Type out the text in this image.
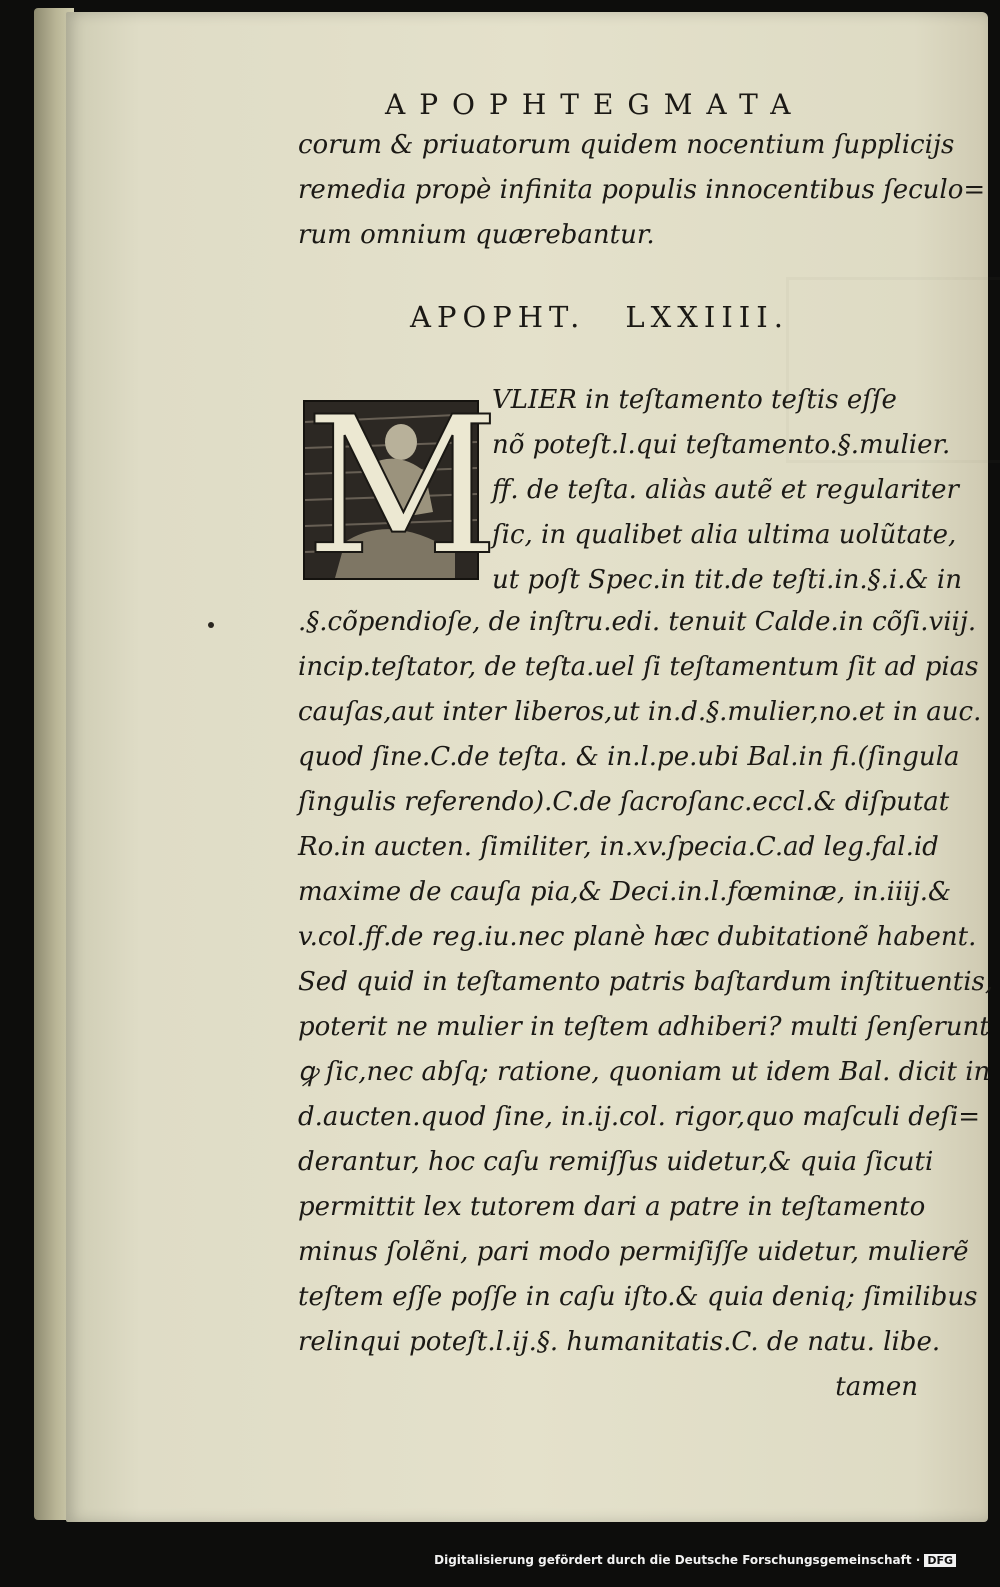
APOPHTEGMATA
corum & priuatorum quidem nocentium ſupplicijs
remedia propè infinita populis innocentibus ſeculo=
rum omnium quærebantur.
APOPHT. LXXIIII.
M
VLIER in teſtamento teſtis eſſe
nõ poteſt.l.qui teſtamento.§.mulier.
ff. de teſta. aliàs autẽ et regulariter
ſic, in qualibet alia ultima uolũtate,
ut poſt Spec.in tit.de teſti.in.§.i.& in
.§.cõpendioſe, de inſtru.edi. tenuit Calde.in cõſi.viij.
incip.teſtator, de teſta.uel ſi teſtamentum ſit ad pias
cauſas,aut inter liberos,ut in.d.§.mulier,no.et in auc.
quod ſine.C.de teſta. & in.l.pe.ubi Bal.in fi.(ſingula
ſingulis referendo).C.de ſacroſanc.eccl.& diſputat
Ro.in aucten. ſimiliter, in.xv.ſpecia.C.ad leg.fal.id
maxime de cauſa pia,& Deci.in.l.fœminæ, in.iiij.&
v.col.ff.de reg.iu.nec planè hæc dubitationẽ habent.
Sed quid in teſtamento patris baſtardum inſtituentis,
poterit ne mulier in teſtem adhiberi? multi ſenſerunt
ꝙ ſic,nec abſq; ratione, quoniam ut idem Bal. dicit in
d.aucten.quod ſine, in.ij.col. rigor,quo maſculi deſi=
derantur, hoc caſu remiſſus uidetur,& quia ſicuti
permittit lex tutorem dari a patre in teſtamento
minus ſolẽni, pari modo permiſiſſe uidetur, mulierẽ
teſtem eſſe poſſe in caſu iſto.& quia deniq; ſimilibus
relinqui poteſt.l.ij.§. humanitatis.C. de natu. libe.
tamen
Digitalisierung gefördert durch die Deutsche Forschungsgemeinschaft · DFG
